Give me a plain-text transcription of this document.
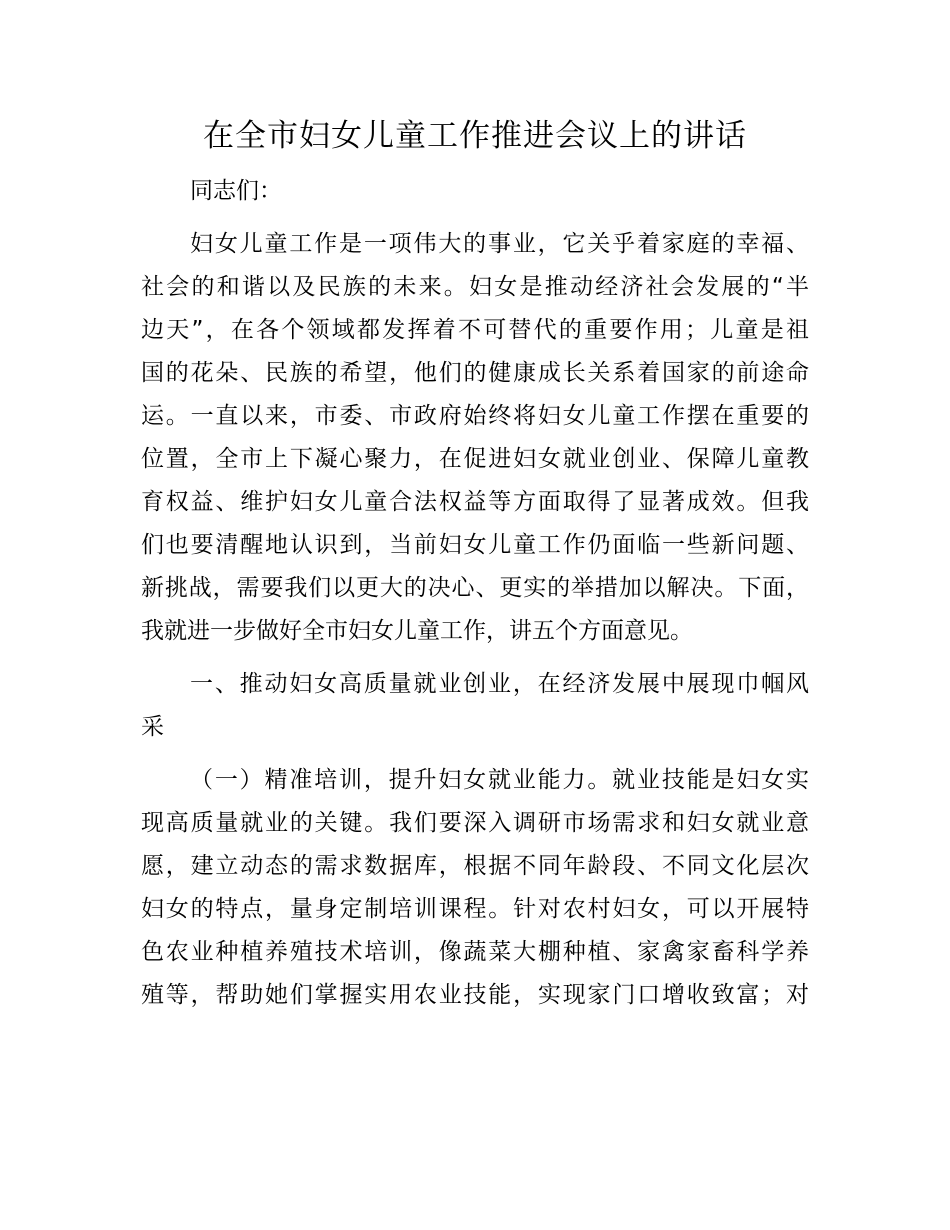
在全市妇女儿童工作推进会议上的讲话
同志们：
妇女儿童工作是一项伟大的事业，它关乎着家庭的幸福、
社会的和谐以及民族的未来。妇女是推动经济社会发展的“半
边天”，在各个领域都发挥着不可替代的重要作用；儿童是祖
国的花朵、民族的希望，他们的健康成长关系着国家的前途命
运。一直以来，市委、市政府始终将妇女儿童工作摆在重要的
位置，全市上下凝心聚力，在促进妇女就业创业、保障儿童教
育权益、维护妇女儿童合法权益等方面取得了显著成效。但我
们也要清醒地认识到，当前妇女儿童工作仍面临一些新问题、
新挑战，需要我们以更大的决心、更实的举措加以解决。下面，
我就进一步做好全市妇女儿童工作，讲五个方面意见。
一、推动妇女高质量就业创业，在经济发展中展现巾帼风
采
（一）精准培训，提升妇女就业能力。就业技能是妇女实
现高质量就业的关键。我们要深入调研市场需求和妇女就业意
愿，建立动态的需求数据库，根据不同年龄段、不同文化层次
妇女的特点，量身定制培训课程。针对农村妇女，可以开展特
色农业种植养殖技术培训，像蔬菜大棚种植、家禽家畜科学养
殖等，帮助她们掌握实用农业技能，实现家门口增收致富；对
